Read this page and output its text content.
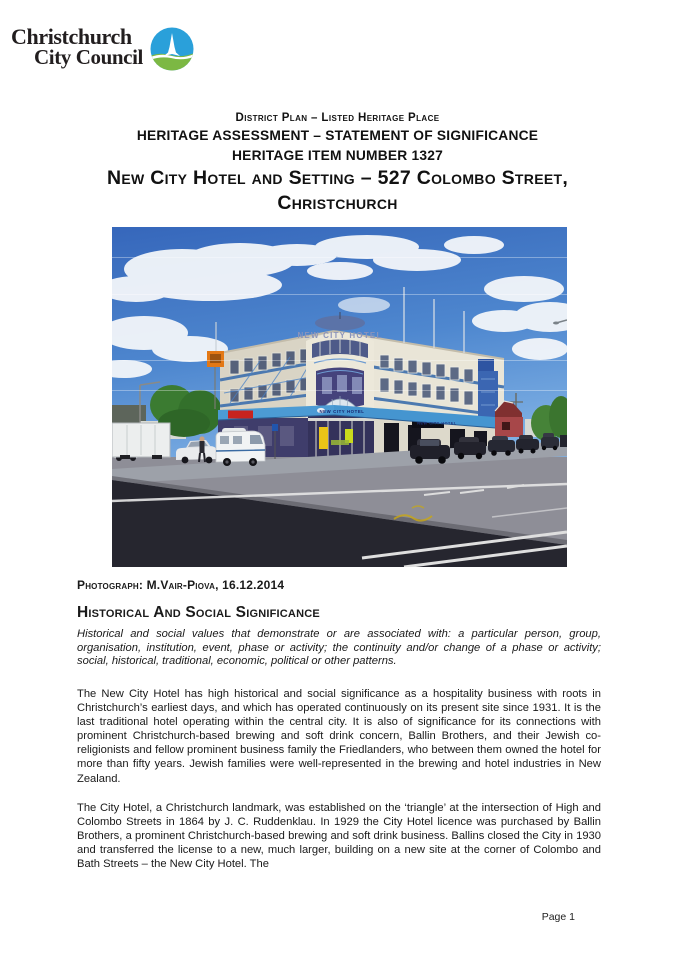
Christchurch
City Council
District Plan – Listed Heritage Place
HERITAGE ASSESSMENT – STATEMENT OF SIGNIFICANCE
HERITAGE ITEM NUMBER 1327
New City Hotel and Setting – 527 Colombo Street, Christchurch
NEW CITY HOTEL
NEW CITY HOTEL
NEW CITY HOTEL
Photograph: M.Vair-Piova, 16.12.2014
Historical And Social Significance
Historical and social values that demonstrate or are associated with: a particular person, group, organisation, institution, event, phase or activity; the continuity and/or change of a phase or activity; social, historical, traditional, economic, political or other patterns.
The New City Hotel has high historical and social significance as a hospitality business with roots in Christchurch’s earliest days, and which has operated continuously on its present site since 1931. It is the last traditional hotel operating within the central city. It is also of significance for its connections with prominent Christchurch-based brewing and soft drink concern, Ballin Brothers, and their Jewish co-religionists and fellow prominent business family the Friedlanders, who between them owned the hotel for more than fifty years. Jewish families were well-represented in the brewing and hotel industries in New Zealand.
The City Hotel, a Christchurch landmark, was established on the ‘triangle’ at the intersection of High and Colombo Streets in 1864 by J. C. Ruddenklau. In 1929 the City Hotel licence was purchased by Ballin Brothers, a prominent Christchurch-based brewing and soft drink business. Ballins closed the City in 1930 and transferred the license to a new, much larger, building on a new site at the corner of Colombo and Bath Streets – the New City Hotel. The
Page 1
